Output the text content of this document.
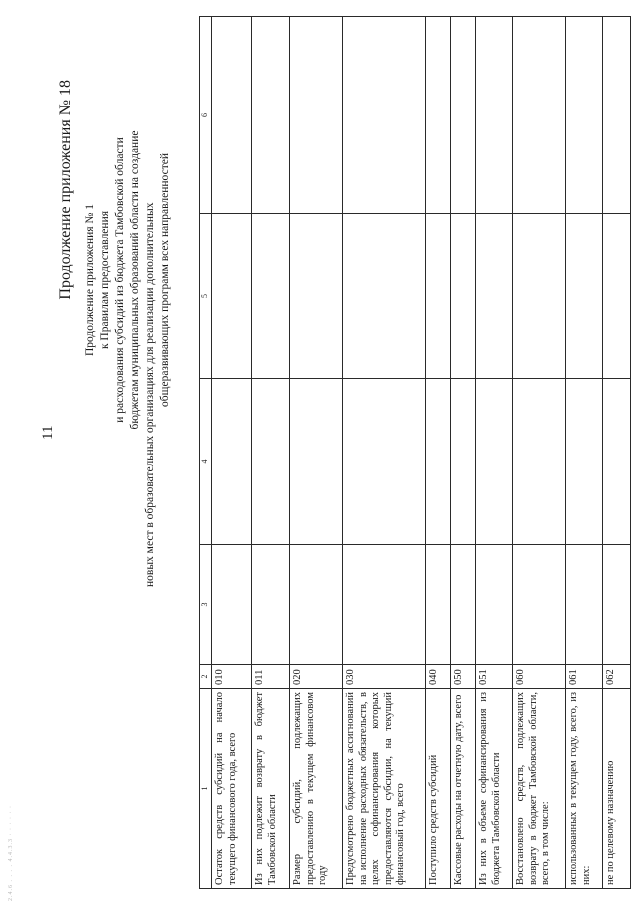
2.4.6 . . . . 4.4.3.3 · · · · · ·
11
Продолжение приложения № 18 Продолжение приложения № 1 к Правилам предоставления и расходования субсидий из бюджета Тамбовской области бюджетам муниципальных образований области на создание новых мест в образовательных организациях для реализации дополнительных общеразвивающих программ всех направленностей
1	2	3	4	5	6
Остаток средств субсидий на начало текущего финансового года, всего	010				
Из них подлежит возврату в бюджет Тамбовской области	011				
Размер субсидий, подлежащих предоставлению в текущем финансовом году	020				
Предусмотрено бюджетных ассигнований на исполнение расходных обязательств, в целях софинансирования которых предоставляются субсидии, на текущий финансовый год, всего	030				
Поступило средств субсидий	040				
Кассовые расходы на отчетную дату, всего	050				
Из них в объеме софинансирования из бюджета Тамбовской области	051				
Восстановлено средств, подлежащих возврату в бюджет Тамбовской области, всего, в том числе:	060				
использованных в текущем году, всего, из них:	061				
не по целевому назначению	062				
